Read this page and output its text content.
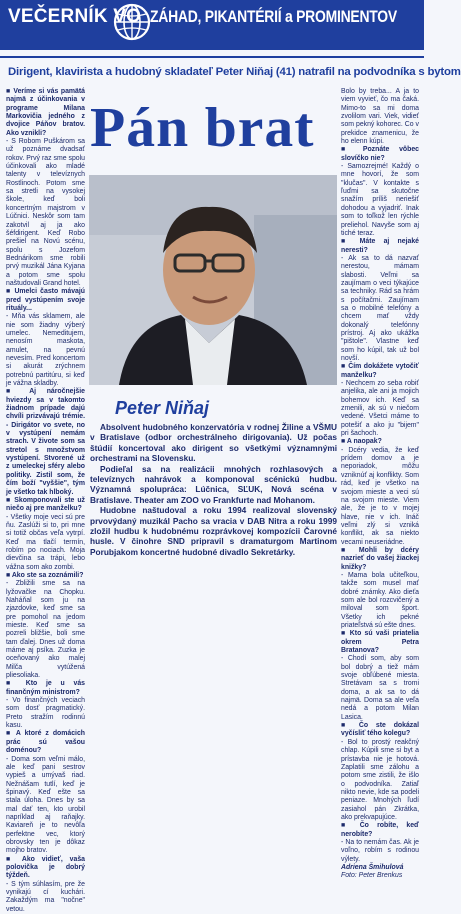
VEČERNÍK VO ZÁHAD, PIKANTÉRIÍ a PROMINENTOV
Dirigent, klavirista a hudobný skladateľ Peter Niňaj (41) natrafil na podvodníka s bytom

■ Veríme si vás pamätá najmä z účinkovania v programe Milana Markovičia jedného z dvojice Páňov bratov. Ako vznikli?

- S Robom Puškárom sa už poznáme dvadsať rokov. Prvý raz sme spolu účinkovali ako mladé talenty v televíznych Rostlinoch. Potom sme sa stretli na vysokej škole, keď boli koncertným majstrom v Lúčnici. Neskôr som tam zakotvil aj ja ako šéfdirigent. Keď Robo prešiel na Novú scénu, spolu s Jozefom Bednárikom sme robili prvý muzikál Jána Kyjana a potom sme spolu naštudovali Grand hotel.

■ Umelci často mávajú pred vystúpením svoje rituály...

- Mňa vás sklamem, ale nie som žiadny výberý umelec. Nemeditujem, nenosím maskota, amulet, na pevnú nevesím. Pred koncertom si akurát zrýchnem potrebnú partitúru, si keď je vážna skladby.

■ Aj náročnejšie hviezdy sa v takomto žiadnom prípade dajú chvíli prizvávajú trémie. - Dirigátor vo svete, no v vystúpení nemám strach. V živote som sa stretol s množstvom vystúpení. Stvorené už z umeleckej sféry alebo politiky. Zistil som, že čím boží "vyššie", tým je všetko tak hlboký.

■ Skomponovali ste už niečo aj pre manželku?

- Všetky moje veci sú pre ňu. Zaslúži si to, pri mne si totiž občas veľa vytrpí. Keď ma tlačí termín, robím po nociach. Moja dievčina sa trápi, lebo vážna som ako zombi.

■ Ako ste sa zoznámili?

- Zbližili sme sa na lyžovačke na Chopku. Naháňal som ju na zjazdovke, keď sme sa pre pomohol na jedom mieste. Keď sme sa pozreli bližšie, boli sme tam ďalej. Dnes už doma máme aj psíka. Zuzka je oceňovaný ako malej Milča vytúžená pliesoliaka.

■ Kto je u vás finančným ministrom?

- Vo finančných veciach som dosť pragmatický. Preto stražím rodinnú kasu.

■ A ktoré z domácich prác sú vašou doménou?

- Doma som veľmi málo, ale keď pani sestrov vypieš a umývaš riad. Nežnášam tutlí, keď je špinavý. Keď ešte sa stala úloha. Dnes by sa mal dať ten, kto urobil napríklad aj raňajky. Kaviareň je to nevôľa perfektne vec, ktorý obrovsky ten je dôkaz mojho bratov.

■ Ako vidieť, vaša polovička je dobrý týždeň.

- S tým súhlasím, pre že vynikajú cí kuchári. Zakaždým ma "nočne" vetou.

Pán brat
Peter Niňaj

Absolvent hudobného konzervatória v rodnej Žiline a VŠMU v Bratislave (odbor orchestrálneho dirigovania). Už počas štúdií koncertoval ako dirigent so všetkými významnými orchestrami na Slovensku.

Podieľal sa na realizácii mnohých rozhlasových a televíznych nahrávok a komponoval scénickú hudbu. Významná spolupráca: Lúčnica, SĽUK, Nová scéna v Bratislave. Theater am ZOO vo Frankfurte nad Mohanom.

Hudobne naštudoval a roku 1994 realizoval slovenský prvovýdaný muzikál Pacho sa vracia v DAB Nitra a roku 1999 zložil hudbu k hudobnému rozprávkovej kompozícii Čarovné husle. V činohre SND pripravil s dramaturgom Martinom Porubjakom koncertné hudobné divadlo Sekretárky.

Bolo by treba... A ja to viem vyvieť, čo ma čaká. Mimo-to sa mi doma zvolilom vari. Viek, vidieť som pekný kohorec. Co v prekidce znamenicu, že ho elenn kúpi.

■ Poznáte vôbec slovíčko nie?

- Samozrejmé! Každý o mne hovorí, že som "klučas". V kontakte s ľuďmi sa skutočne snažím príliš neriešiť dohodou a vyjadriť. Inak som to toľkož len rýchle preliehol. Navyše som aj tiché teraz.

■ Máte aj nejaké neresti?

- Ak sa to dá nazvať nerestou, mámam slabosti. Veľmi sa zaujímam o veci týkajúce sa techniky. Rád sa hrám s počítačmi. Zaujímam sa o mobilné telefóny a chcem mať vždy dokonalý telefónny prístroj. Aj ako ukážka "pištole". Vlastne keď som ho kúpil, tak už bol novší.

■ Čím dokážete vytočiť manželku?

- Nechcem zo seba robiť anjelika, ale ani ja mojich bohemov ich. Keď sa zmenili, ak sú v niečom vedené. Všetci máme to potešiť a ako ju "bijem" pri šachoch.

■ A naopak?

- Dcéry vedia, že keď prídem domov a je neporiadok, môžu vzniknúť aj konflikty. Som rád, keď je všetko na svojom mieste a veci sú na svojom mieste. Viem ale, že je to v mojej hlave, nie v ich. Ináč veľmi zlý si vzniká konflikt, ak sa niekto vecami neuseriádne.

■ Mohli by dcéry nazrieť do vašej žiackej knižky?

- Mama bola učiteľkou, takže som musel mať dobré známky. Ako dieťa som ale bol rozcvičený a miloval som šport. Všetky ich pekné priateľstvá sú ešte dnes.

■ Kto sú vaši priatelia okrem Petra Bratanova?

- Chodí som, aby som bol dobrý a tiež mám svoje obľúbené miesta. Stretávam sa s tromi doma, a ak sa to dá najmä. Doma sa ale veľa nedá a potom Milan Lasica.

■ Čo ste dokázal vyčísliť tého kolegu?

- Bol to prostý reakčný chlap. Kúpili sme si byt a prístavba nie je hotová. Zaplatili sme zálohu a potom sme zistili, že išlo o podvodníka. Zatiaľ nikto nevie, kde sa podeli peniaze. Mnohých ľudí zasiahol pán Zkrátka, ako prekvapujúce.

■ Čo robíte, keď nerobíte?

- Na to nemám čas. Ak je voľno, robím s rodinou výlety.

Adriena Šmihulová

Foto: Peter Brenkus
